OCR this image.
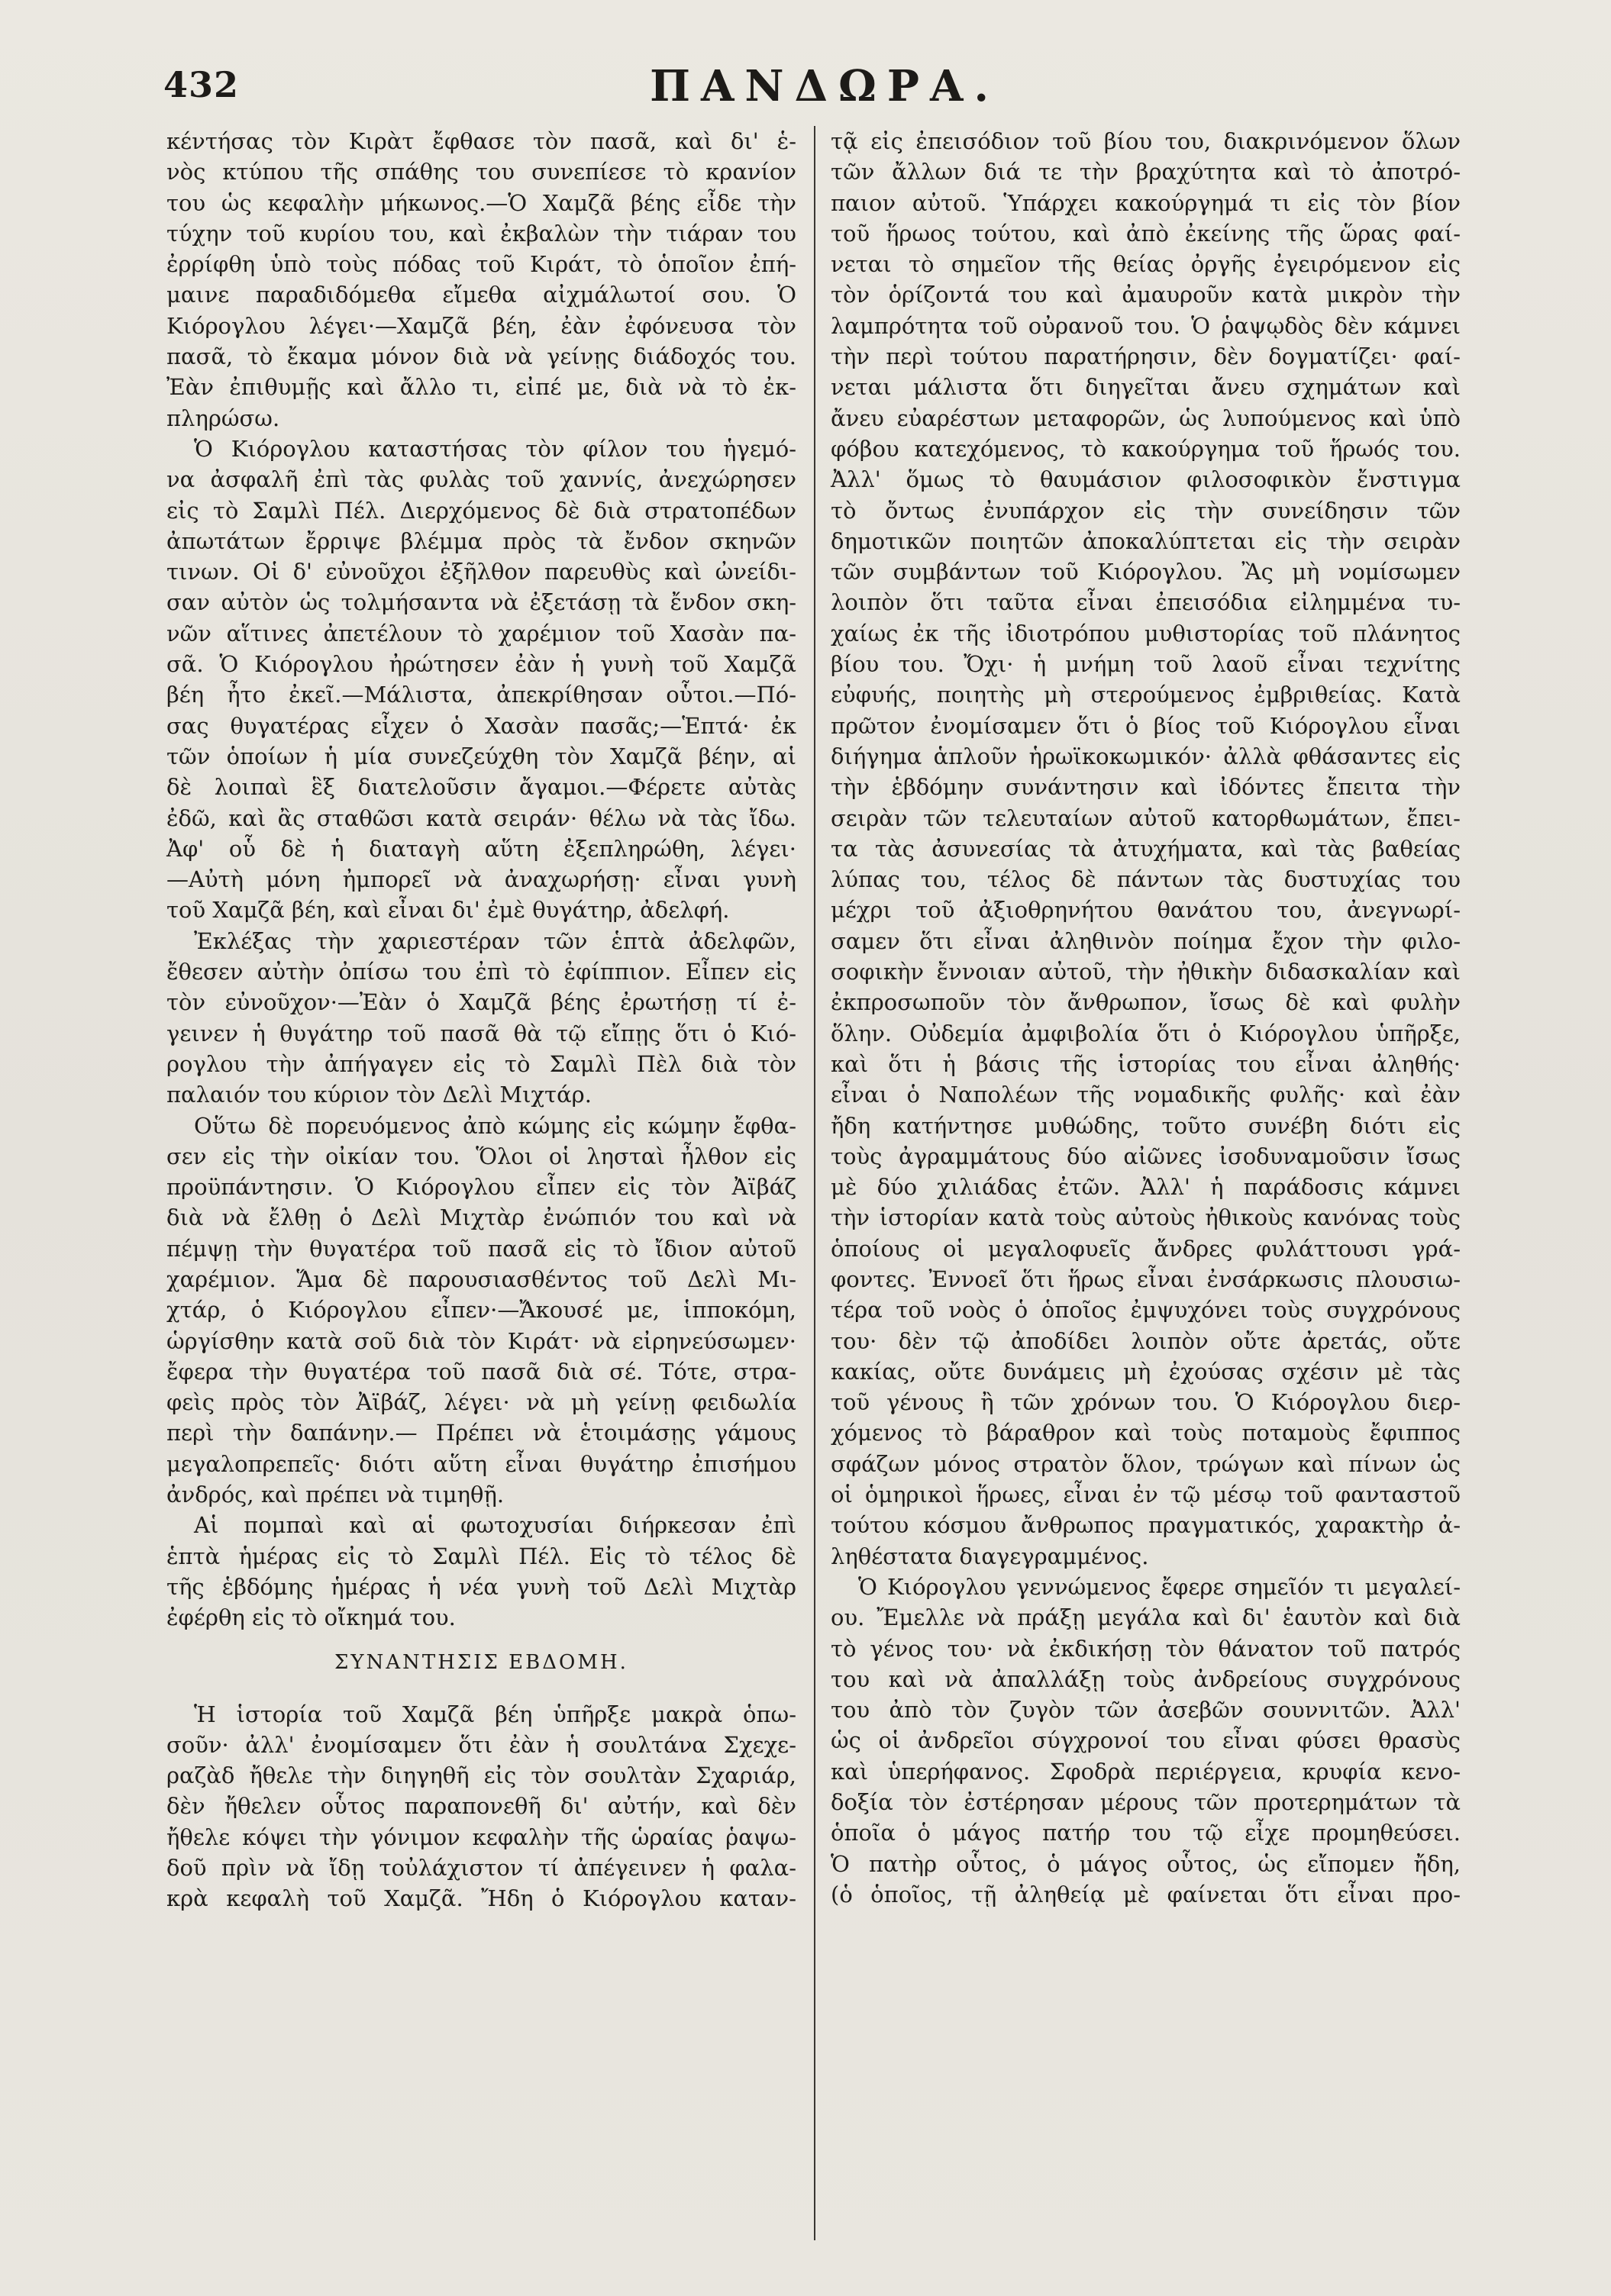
432	ΠΑΝΔΩΡΑ.
κέντήσας τὸν Κιρὰτ ἔφθασε τὸν πασᾶ, καὶ δι' ἑ-
νὸς κτύπου τῆς σπάθης του συνεπίεσε τὸ κρανίον
του ὡς κεφαλὴν μήκωνος.—Ὁ Χαμζᾶ βέης εἶδε τὴν
τύχην τοῦ κυρίου του, καὶ ἐκβαλὼν τὴν τιάραν του
ἐρρίφθη ὑπὸ τοὺς πόδας τοῦ Κιράτ, τὸ ὁποῖον ἐπή-
μαινε παραδιδόμεθα εἴμεθα αἰχμάλωτοί σου. Ὁ
Κιόρογλου λέγει·—Χαμζᾶ βέη, ἐὰν ἐφόνευσα τὸν
πασᾶ, τὸ ἔκαμα μόνον διὰ νὰ γείνῃς διάδοχός του.
Ἐὰν ἐπιθυμῇς καὶ ἄλλο τι, εἰπέ με, διὰ νὰ τὸ ἐκ-
πληρώσω.
Ὁ Κιόρογλου καταστήσας τὸν φίλον του ἡγεμό-
να ἀσφαλῆ ἐπὶ τὰς φυλὰς τοῦ χαννίς, ἀνεχώρησεν
εἰς τὸ Σαμλὶ Πέλ. Διερχόμενος δὲ διὰ στρατοπέδων
ἀπωτάτων ἔρριψε βλέμμα πρὸς τὰ ἔνδον σκηνῶν
τινων. Οἱ δ' εὐνοῦχοι ἐξῆλθον παρευθὺς καὶ ὠνείδι-
σαν αὐτὸν ὡς τολμήσαντα νὰ ἐξετάσῃ τὰ ἔνδον σκη-
νῶν αἵτινες ἀπετέλουν τὸ χαρέμιον τοῦ Χασὰν πα-
σᾶ. Ὁ Κιόρογλου ἠρώτησεν ἐὰν ἡ γυνὴ τοῦ Χαμζᾶ
βέη ἦτο ἐκεῖ.—Μάλιστα, ἀπεκρίθησαν οὗτοι.—Πό-
σας θυγατέρας εἶχεν ὁ Χασὰν πασᾶς;—Ἑπτά· ἐκ
τῶν ὁποίων ἡ μία συνεζεύχθη τὸν Χαμζᾶ βέην, αἱ
δὲ λοιπαὶ ἓξ διατελοῦσιν ἄγαμοι.—Φέρετε αὐτὰς
ἐδῶ, καὶ ἂς σταθῶσι κατὰ σειράν· θέλω νὰ τὰς ἴδω.
Ἀφ' οὗ δὲ ἡ διαταγὴ αὕτη ἐξεπληρώθη, λέγει·
—Αὐτὴ μόνη ἠμπορεῖ νὰ ἀναχωρήσῃ· εἶναι γυνὴ
τοῦ Χαμζᾶ βέη, καὶ εἶναι δι' ἐμὲ θυγάτηρ, ἀδελφή.
Ἐκλέξας τὴν χαριεστέραν τῶν ἑπτὰ ἀδελφῶν,
ἔθεσεν αὐτὴν ὀπίσω του ἐπὶ τὸ ἐφίππιον. Εἶπεν εἰς
τὸν εὐνοῦχον·—Ἐὰν ὁ Χαμζᾶ βέης ἐρωτήσῃ τί ἐ-
γεινεν ἡ θυγάτηρ τοῦ πασᾶ θὰ τῷ εἴπῃς ὅτι ὁ Κιό-
ρογλου τὴν ἀπήγαγεν εἰς τὸ Σαμλὶ Πὲλ διὰ τὸν
παλαιόν του κύριον τὸν Δελὶ Μιχτάρ.
Οὕτω δὲ πορευόμενος ἀπὸ κώμης εἰς κώμην ἔφθα-
σεν εἰς τὴν οἰκίαν του. Ὅλοι οἱ λησταὶ ἦλθον εἰς
προϋπάντησιν. Ὁ Κιόρογλου εἶπεν εἰς τὸν Ἀϊβάζ
διὰ νὰ ἔλθῃ ὁ Δελὶ Μιχτὰρ ἐνώπιόν του καὶ νὰ
πέμψῃ τὴν θυγατέρα τοῦ πασᾶ εἰς τὸ ἴδιον αὐτοῦ
χαρέμιον. Ἅμα δὲ παρουσιασθέντος τοῦ Δελὶ Μι-
χτάρ, ὁ Κιόρογλου εἶπεν·—Ἄκουσέ με, ἱπποκόμη,
ὡργίσθην κατὰ σοῦ διὰ τὸν Κιράτ· νὰ εἰρηνεύσωμεν·
ἔφερα τὴν θυγατέρα τοῦ πασᾶ διὰ σέ. Τότε, στρα-
φεὶς πρὸς τὸν Ἀϊβάζ, λέγει· νὰ μὴ γείνῃ φειδωλία
περὶ τὴν δαπάνην.— Πρέπει νὰ ἑτοιμάσῃς γάμους
μεγαλοπρεπεῖς· διότι αὕτη εἶναι θυγάτηρ ἐπισήμου
ἀνδρός, καὶ πρέπει νὰ τιμηθῇ.
Αἱ πομπαὶ καὶ αἱ φωτοχυσίαι διήρκεσαν ἐπὶ
ἑπτὰ ἡμέρας εἰς τὸ Σαμλὶ Πέλ. Εἰς τὸ τέλος δὲ
τῆς ἑβδόμης ἡμέρας ἡ νέα γυνὴ τοῦ Δελὶ Μιχτὰρ
ἐφέρθη εἰς τὸ οἴκημά του.
ΣΥΝΑΝΤΗΣΙΣ ΕΒΔΟΜΗ.
Ἡ ἱστορία τοῦ Χαμζᾶ βέη ὑπῆρξε μακρὰ ὁπω-
σοῦν· ἀλλ' ἐνομίσαμεν ὅτι ἐὰν ἡ σουλτάνα Σχεχε-
ραζὰδ ἤθελε τὴν διηγηθῆ εἰς τὸν σουλτὰν Σχαριάρ,
δὲν ἤθελεν οὗτος παραπονεθῆ δι' αὐτήν, καὶ δὲν
ἤθελε κόψει τὴν γόνιμον κεφαλὴν τῆς ὡραίας ῥαψω-
δοῦ πρὶν νὰ ἴδῃ τοὐλάχιστον τί ἀπέγεινεν ἡ φαλα-
κρὰ κεφαλὴ τοῦ Χαμζᾶ. Ἤδη ὁ Κιόρογλου καταν-
τᾷ εἰς ἐπεισόδιον τοῦ βίου του, διακρινόμενον ὅλων
τῶν ἄλλων διά τε τὴν βραχύτητα καὶ τὸ ἀποτρό-
παιον αὐτοῦ. Ὑπάρχει κακούργημά τι εἰς τὸν βίον
τοῦ ἥρωος τούτου, καὶ ἀπὸ ἐκείνης τῆς ὥρας φαί-
νεται τὸ σημεῖον τῆς θείας ὀργῆς ἐγειρόμενον εἰς
τὸν ὁρίζοντά του καὶ ἀμαυροῦν κατὰ μικρὸν τὴν
λαμπρότητα τοῦ οὐρανοῦ του. Ὁ ῥαψῳδὸς δὲν κάμνει
τὴν περὶ τούτου παρατήρησιν, δὲν δογματίζει· φαί-
νεται μάλιστα ὅτι διηγεῖται ἄνευ σχημάτων καὶ
ἄνευ εὐαρέστων μεταφορῶν, ὡς λυπούμενος καὶ ὑπὸ
φόβου κατεχόμενος, τὸ κακούργημα τοῦ ἥρωός του.
Ἀλλ' ὅμως τὸ θαυμάσιον φιλοσοφικὸν ἔνστιγμα
τὸ ὄντως ἐνυπάρχον εἰς τὴν συνείδησιν τῶν
δημοτικῶν ποιητῶν ἀποκαλύπτεται εἰς τὴν σειρὰν
τῶν συμβάντων τοῦ Κιόρογλου. Ἂς μὴ νομίσωμεν
λοιπὸν ὅτι ταῦτα εἶναι ἐπεισόδια εἰλημμένα τυ-
χαίως ἐκ τῆς ἰδιοτρόπου μυθιστορίας τοῦ πλάνητος
βίου του. Ὄχι· ἡ μνήμη τοῦ λαοῦ εἶναι τεχνίτης
εὐφυής, ποιητὴς μὴ στερούμενος ἐμβριθείας. Κατὰ
πρῶτον ἐνομίσαμεν ὅτι ὁ βίος τοῦ Κιόρογλου εἶναι
διήγημα ἁπλοῦν ἡρωϊκοκωμικόν· ἀλλὰ φθάσαντες εἰς
τὴν ἑβδόμην συνάντησιν καὶ ἰδόντες ἔπειτα τὴν
σειρὰν τῶν τελευταίων αὐτοῦ κατορθωμάτων, ἔπει-
τα τὰς ἀσυνεσίας τὰ ἀτυχήματα, καὶ τὰς βαθείας
λύπας του, τέλος δὲ πάντων τὰς δυστυχίας του
μέχρι τοῦ ἀξιοθρηνήτου θανάτου του, ἀνεγνωρί-
σαμεν ὅτι εἶναι ἀληθινὸν ποίημα ἔχον τὴν φιλο-
σοφικὴν ἔννοιαν αὐτοῦ, τὴν ἠθικὴν διδασκαλίαν καὶ
ἐκπροσωποῦν τὸν ἄνθρωπον, ἴσως δὲ καὶ φυλὴν
ὅλην. Οὐδεμία ἀμφιβολία ὅτι ὁ Κιόρογλου ὑπῆρξε,
καὶ ὅτι ἡ βάσις τῆς ἱστορίας του εἶναι ἀληθής·
εἶναι ὁ Ναπολέων τῆς νομαδικῆς φυλῆς· καὶ ἐὰν
ἤδη κατήντησε μυθώδης, τοῦτο συνέβη διότι εἰς
τοὺς ἀγραμμάτους δύο αἰῶνες ἰσοδυναμοῦσιν ἴσως
μὲ δύο χιλιάδας ἐτῶν. Ἀλλ' ἡ παράδοσις κάμνει
τὴν ἱστορίαν κατὰ τοὺς αὐτοὺς ἠθικοὺς κανόνας τοὺς
ὁποίους οἱ μεγαλοφυεῖς ἄνδρες φυλάττουσι γρά-
φοντες. Ἐννοεῖ ὅτι ἥρως εἶναι ἐνσάρκωσις πλουσιω-
τέρα τοῦ νοὸς ὁ ὁποῖος ἐμψυχόνει τοὺς συγχρόνους
του· δὲν τῷ ἀποδίδει λοιπὸν οὔτε ἀρετάς, οὔτε
κακίας, οὔτε δυνάμεις μὴ ἐχούσας σχέσιν μὲ τὰς
τοῦ γένους ἢ τῶν χρόνων του. Ὁ Κιόρογλου διερ-
χόμενος τὸ βάραθρον καὶ τοὺς ποταμοὺς ἔφιππος
σφάζων μόνος στρατὸν ὅλον, τρώγων καὶ πίνων ὡς
οἱ ὁμηρικοὶ ἥρωες, εἶναι ἐν τῷ μέσῳ τοῦ φανταστοῦ
τούτου κόσμου ἄνθρωπος πραγματικός, χαρακτὴρ ἀ-
ληθέστατα διαγεγραμμένος.
Ὁ Κιόρογλου γεννώμενος ἔφερε σημεῖόν τι μεγαλεί-
ου. Ἔμελλε νὰ πράξῃ μεγάλα καὶ δι' ἑαυτὸν καὶ διὰ
τὸ γένος του· νὰ ἐκδικήσῃ τὸν θάνατον τοῦ πατρός
του καὶ νὰ ἀπαλλάξῃ τοὺς ἀνδρείους συγχρόνους
του ἀπὸ τὸν ζυγὸν τῶν ἀσεβῶν σουννιτῶν. Ἀλλ'
ὡς οἱ ἀνδρεῖοι σύγχρονοί του εἶναι φύσει θρασὺς
καὶ ὑπερήφανος. Σφοδρὰ περιέργεια, κρυφία κενο-
δοξία τὸν ἐστέρησαν μέρους τῶν προτερημάτων τὰ
ὁποῖα ὁ μάγος πατήρ του τῷ εἶχε προμηθεύσει.
Ὁ πατὴρ οὗτος, ὁ μάγος οὗτος, ὡς εἴπομεν ἤδη,
(ὁ ὁποῖος, τῇ ἀληθείᾳ μὲ φαίνεται ὅτι εἶναι προ-
